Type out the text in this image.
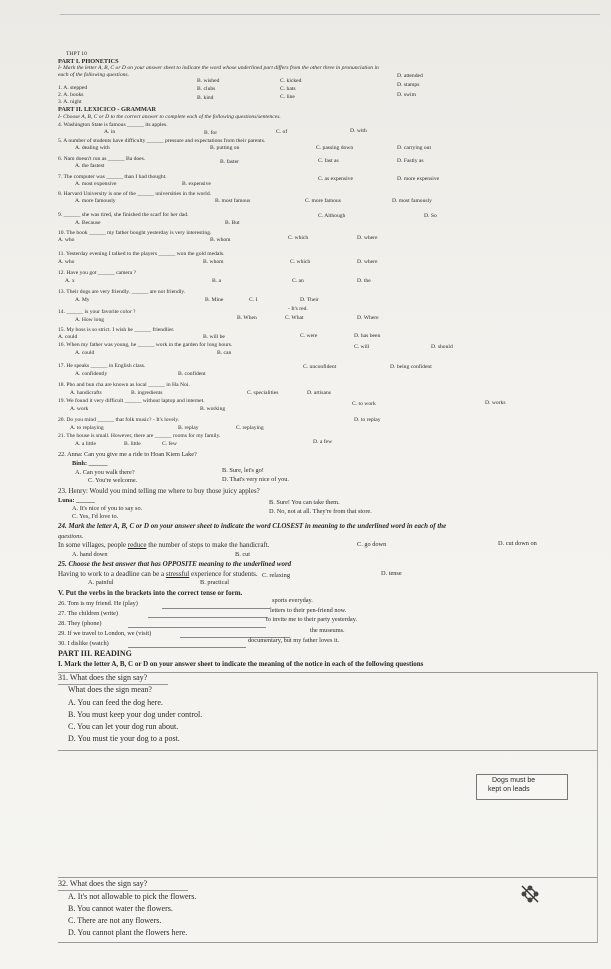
THPT 10
PART I. PHONETICS
I- Mark the letter A, B, C or D on your answer sheet to indicate the word whose underlined part differs from the other three in pronunciation in
each of the following questions.
1. A. stepped
B. wished	C. kicked
D. attended
2. A. books
B. clubs	C. hats
D. stamps
3. A. night
B. kind	C. line	D. swim
PART II. LEXICICO - GRAMMAR
I- Choose A, B, C or D to the correct answer to complete each of the following questions/sentences.
4. Washington State is famous ______ its apples.
A. in	B. for	C. of	D. with
5. A number of students have difficulty ______ pressure and expectations from their parents.
A. dealing with	B. putting on	C. passing down	D. carrying out
6. Nam doesn't run as ______ Ba does.
A. the fastest
B. faster	C. fast as	D. Fastly as
7. The computer was ______ than I had thought.
A. most expensive	B. expensive
C. as expensive	D. more expensive
8. Harvard University is one of the ______ universities in the world.
A. more famously	B. most famous	C. more famous	D. most famously
9. ______ she was tired, she finished the scarf for her dad.
A. Because	B. But
C. Although	D. So
10. The book ______ my father bought yesterday is very interesting.
A. who	B. whom	C. which	D. where
11. Yesterday evening I talked to the players ______ won the gold medals.
A. who	B. whom	C. which	D. where
12. Have you got ______ camera ?
A. x	B. a	C. an	D. the
13. Their dogs are very friendly. ______ are not friendly.
A. My	B. Mine	C. I	D. Their
14. ______ is your favorite color ?	- It's red.
A. How long	B. When	C. What	D. Where
15. My boss is so strict. I wish he ______ friendlier.
A. could	B. will be	C. were	D. has been
16. When my father was young, he ______ work in the garden for long hours.
A. could	B. can
C. will	D. should
17. He speaks ______ in English class.
A. confidently	B. confident
C. unconfident	D. being confident
18. Pho and bun cha are known as local ______ in Ha Noi.
A. handicrafts	B. ingredients	C. specialities	D. artisans
19. We found it very difficult ______ without laptop and internet.
A. work	B. working
C. to work	D. works
20. Do you mind ______ that folk music? - It's lovely.
A. to replaying	B. replay	C. replaying
D. to replay
21. The house is small. However, there are ______ rooms for my family.
A. a little	B. little	C. few	D. a few
22. Anna: Can you give me a ride to Hoan Kiem Lake?
Binh: ______
A. Can you walk there?	B. Sure, let's go!
C. You're welcome.	D. That's very nice of you.
23. Henry: Would you mind telling me where to buy those juicy apples?
Luna: ______
A. It's nice of you to say so.
B. Sure! You can take them.
C. Yes, I'd love to.
D. No, not at all. They're from that store.
24. Mark the letter A, B, C or D on your answer sheet to indicate the word CLOSEST in meaning to the underlined word in each of the
questions.
In some villages, people reduce the number of steps to make the handicraft.
A. hand down	B. cut
C. go down	D. cut down on
25. Choose the best answer that has OPPOSITE meaning to the underlined word
Having to work to a deadline can be a stressful experience for students.
A. painful	B. practical
C. relaxing	D. tense
V. Put the verbs in the brackets into the correct tense or form.
26. Tom is my friend. He (play)	sports everyday.
27. The children (write)	letters to their pen-friend now.
28. They (phone)
to invite me to their party yesterday.
29. If we travel to London, we (visit)	the museums.
30. I dislike (watch)	documentary, but my father loves it.
PART III. READING
I. Mark the letter A, B, C or D on your answer sheet to indicate the meaning of the notice in each of the following questions
31. What does the sign say?
What does the sign mean?
Dogs must be
kept on leads
A. You can feed the dog here.
B. You must keep your dog under control.
C. You can let your dog run about.
D. You must tie your dog to a post.
32. What does the sign say?
A. It's not allowable to pick the flowers.
B. You cannot water the flowers.
C. There are not any flowers.
D. You cannot plant the flowers here.
